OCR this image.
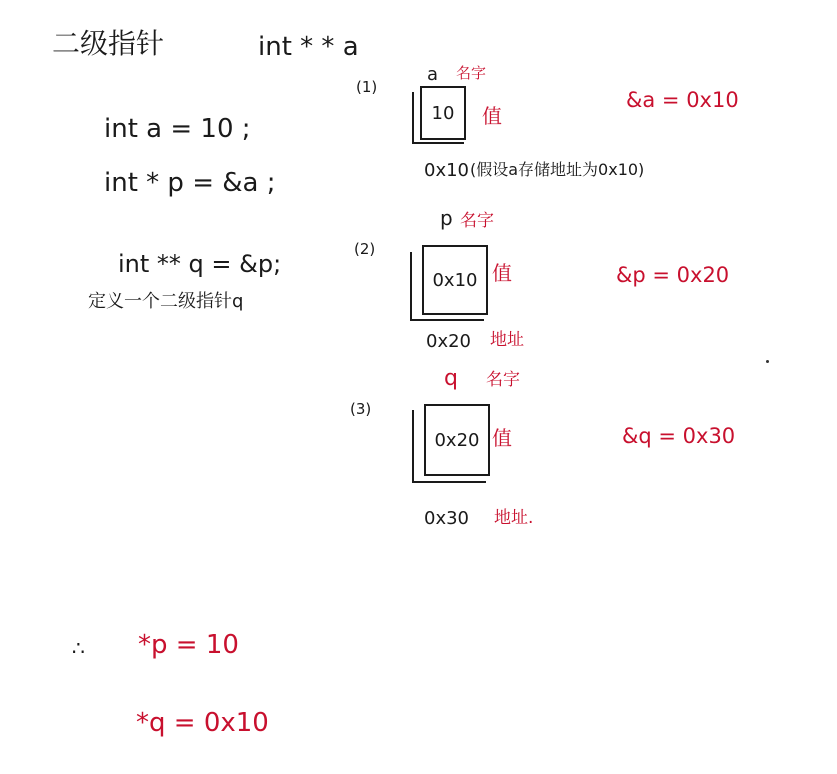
二级指针	int * * a
int a = 10 ;
int * p = &a ;
int ** q = &p;
定义一个二级指针q
(1)
a 名字
10 值
&a = 0x10
0x10 (假设a存储地址为0x10)
p 名字
(2)
0x10 值	&p = 0x20
0x20 地址
q 名字
(3)
0x20 值	&q = 0x30
0x30 地址.
∴ *p = 10
*q = 0x10
